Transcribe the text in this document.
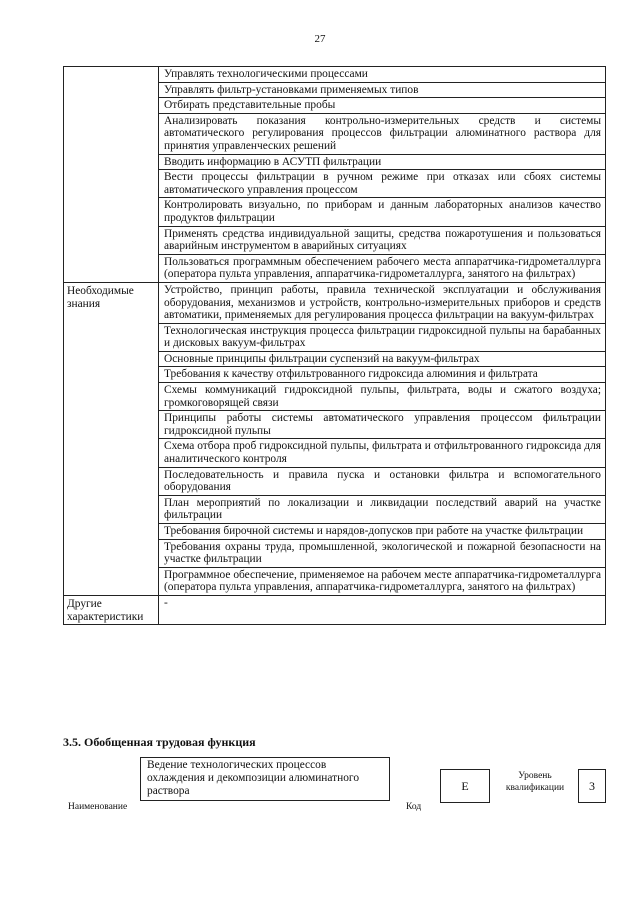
27
	Управлять технологическими процессами
	Управлять фильтр-установками применяемых типов
	Отбирать представительные пробы
	Анализировать показания контрольно-измерительных средств и системы автоматического регулирования процессов фильтрации алюминатного раствора для принятия управленческих решений
	Вводить информацию в АСУТП фильтрации
	Вести процессы фильтрации в ручном режиме при отказах или сбоях системы автоматического управления процессом
	Контролировать визуально, по приборам и данным лабораторных анализов качество продуктов фильтрации
	Применять средства индивидуальной защиты, средства пожаротушения и пользоваться аварийным инструментом в аварийных ситуациях
	Пользоваться программным обеспечением рабочего места аппаратчика-гидрометаллурга (оператора пульта управления, аппаратчика-гидрометаллурга, занятого на фильтрах)
Необходимые знания	Устройство, принцип работы, правила технической эксплуатации и обслуживания оборудования, механизмов и устройств, контрольно-измерительных приборов и средств автоматики, применяемых для регулирования процесса фильтрации на вакуум-фильтрах
	Технологическая инструкция процесса фильтрации гидроксидной пульпы на барабанных и дисковых вакуум-фильтрах
	Основные принципы фильтрации суспензий на вакуум-фильтрах
	Требования к качеству отфильтрованного гидроксида алюминия и фильтрата
	Схемы коммуникаций гидроксидной пульпы, фильтрата, воды и сжатого воздуха; громкоговорящей связи
	Принципы работы системы автоматического управления процессом фильтрации гидроксидной пульпы
	Схема отбора проб гидроксидной пульпы, фильтрата и отфильтрованного гидроксида для аналитического контроля
	Последовательность и правила пуска и остановки фильтра и вспомогательного оборудования
	План мероприятий по локализации и ликвидации последствий аварий на участке фильтрации
	Требования бирочной системы и нарядов-допусков при работе на участке фильтрации
	Требования охраны труда, промышленной, экологической и пожарной безопасности на участке фильтрации
	Программное обеспечение, применяемое на рабочем месте аппаратчика-гидрометаллурга (оператора пульта управления, аппаратчика-гидрометаллурга, занятого на фильтрах)
Другие характеристики	-
3.5. Обобщенная трудовая функция
Наименование
Ведение технологических процессов охлаждения и декомпозиции алюминатного раствора
Код
E
Уровень квалификации	3
